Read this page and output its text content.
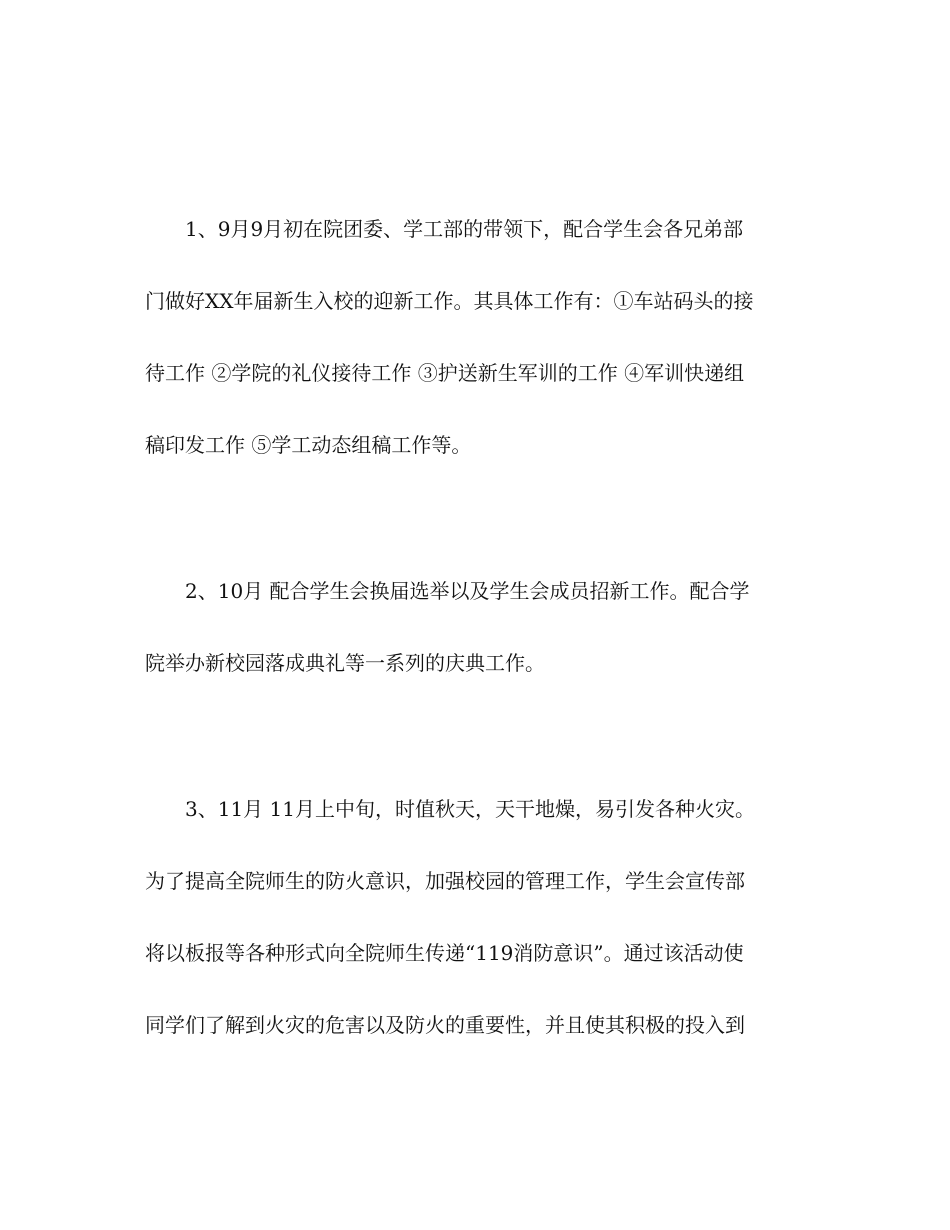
　　1、9月9月初在院团委、学工部的带领下，配合学生会各兄弟部
门做好XX年届新生入校的迎新工作。其具体工作有：①车站码头的接
待工作 ②学院的礼仪接待工作 ③护送新生军训的工作 ④军训快递组
稿印发工作 ⑤学工动态组稿工作等。
　　2、10月 配合学生会换届选举以及学生会成员招新工作。配合学
院举办新校园落成典礼等一系列的庆典工作。
　　3、11月 11月上中旬，时值秋天，天干地燥，易引发各种火灾。
为了提高全院师生的防火意识，加强校园的管理工作，学生会宣传部
将以板报等各种形式向全院师生传递“119消防意识”。通过该活动使
同学们了解到火灾的危害以及防火的重要性，并且使其积极的投入到
